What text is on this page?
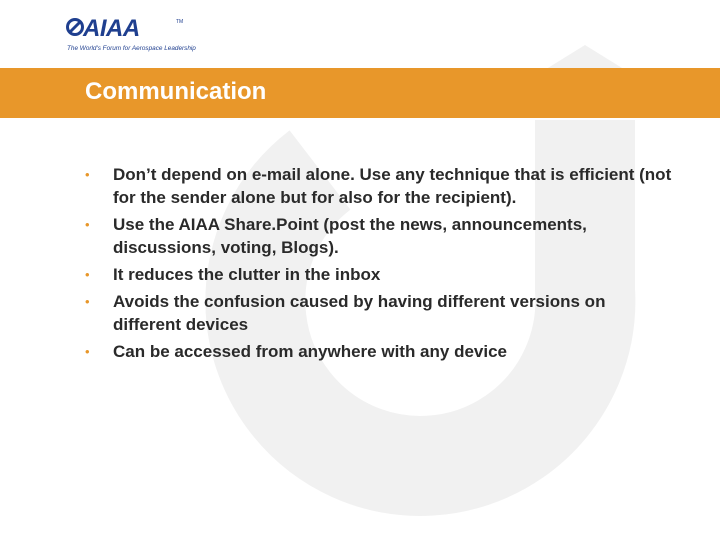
AIAA	TM
The World's Forum for Aerospace Leadership
Communication
• Don’t depend on e-mail alone. Use any technique that is efficient (not for the sender alone but for also for the recipient).
• Use the AIAA Share.Point (post the news, announcements, discussions, voting, Blogs).
• It reduces the clutter in the inbox
• Avoids the confusion caused by having different versions on different devices
• Can be accessed from anywhere with any device
